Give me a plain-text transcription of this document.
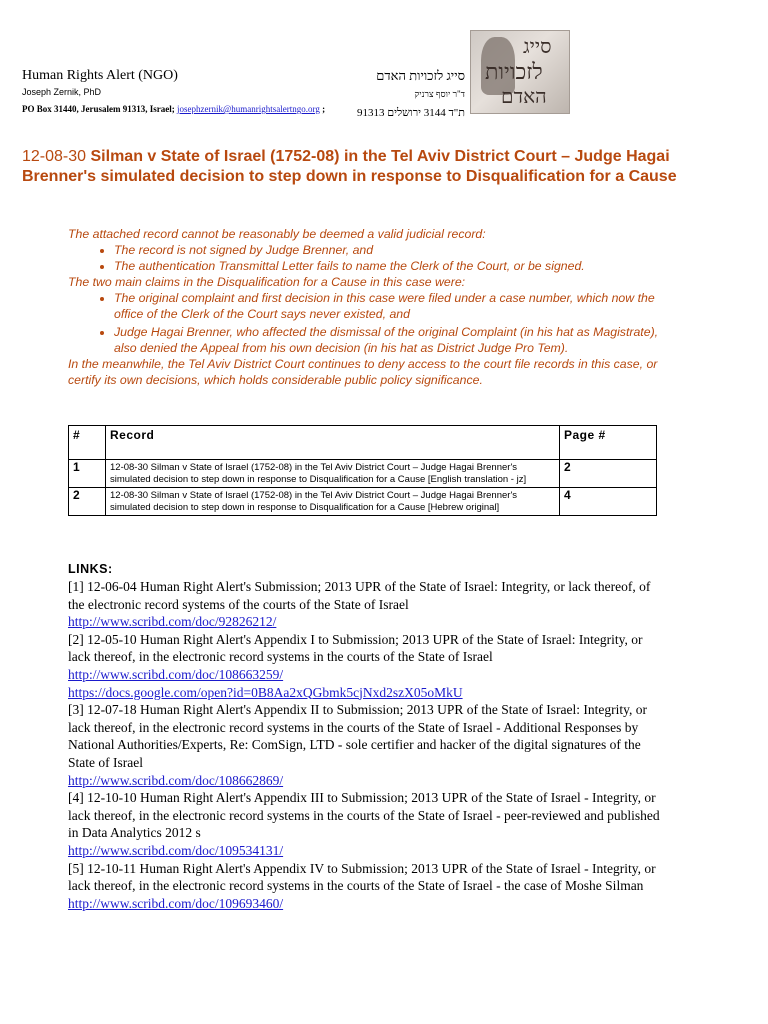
Human Rights Alert (NGO)
Joseph Zernik, PhD
PO Box 31440, Jerusalem 91313, Israel; josephzernik@humanrightsalertngo.org ;
סייג לזכויות האדם
ד"ר יוסף צרניק
ת"ד 3144 ירושלים 91313
סייג
לזכויות
האדם
12-08-30 Silman v State of Israel (1752-08) in the Tel Aviv District Court – Judge Hagai Brenner's simulated decision to step down in response to Disqualification for a Cause

The attached record cannot be reasonably be deemed a valid judicial record:

• The record is not signed by Judge Brenner, and
• The authentication Transmittal Letter fails to name the Clerk of the Court, or be signed.

The two main claims in the Disqualification for a Cause in this case were:

• The original complaint and first decision in this case were filed under a case number, which now the office of the Clerk of the Court says never existed, and
• Judge Hagai Brenner, who affected the dismissal of the original Complaint (in his hat as Magistrate), also denied the Appeal from his own decision (in his hat as District Judge Pro Tem).

In the meanwhile, the Tel Aviv District Court continues to deny access to the court file records in this case, or certify its own decisions, which holds considerable public policy significance.

#	Record	Page #
1	12-08-30 Silman v State of Israel (1752-08) in the Tel Aviv District Court – Judge Hagai Brenner's simulated decision to step down in response to Disqualification for a Cause [English translation - jz]	2
2	12-08-30 Silman v State of Israel (1752-08) in the Tel Aviv District Court – Judge Hagai Brenner's simulated decision to step down in response to Disqualification for a Cause [Hebrew original]	4
LINKS:

[1] 12-06-04 Human Right Alert's Submission; 2013 UPR of the State of Israel: Integrity, or lack thereof, of the electronic record systems of the courts of the State of Israel

http://www.scribd.com/doc/92826212/

[2] 12-05-10 Human Right Alert's Appendix I to Submission; 2013 UPR of the State of Israel: Integrity, or lack thereof, in the electronic record systems in the courts of the State of Israel

http://www.scribd.com/doc/108663259/

https://docs.google.com/open?id=0B8Aa2xQGbmk5cjNxd2szX05oMkU

[3] 12-07-18 Human Right Alert's Appendix II to Submission; 2013 UPR of the State of Israel: Integrity, or lack thereof, in the electronic record systems in the courts of the State of Israel - Additional Responses by National Authorities/Experts, Re: ComSign, LTD - sole certifier and hacker of the digital signatures of the State of Israel

http://www.scribd.com/doc/108662869/

[4] 12-10-10 Human Right Alert's Appendix III to Submission; 2013 UPR of the State of Israel - Integrity, or lack thereof, in the electronic record systems in the courts of the State of Israel - peer-reviewed and published in Data Analytics 2012 s

http://www.scribd.com/doc/109534131/

[5] 12-10-11 Human Right Alert's Appendix IV to Submission; 2013 UPR of the State of Israel - Integrity, or lack thereof, in the electronic record systems in the courts of the State of Israel - the case of Moshe Silman

http://www.scribd.com/doc/109693460/
